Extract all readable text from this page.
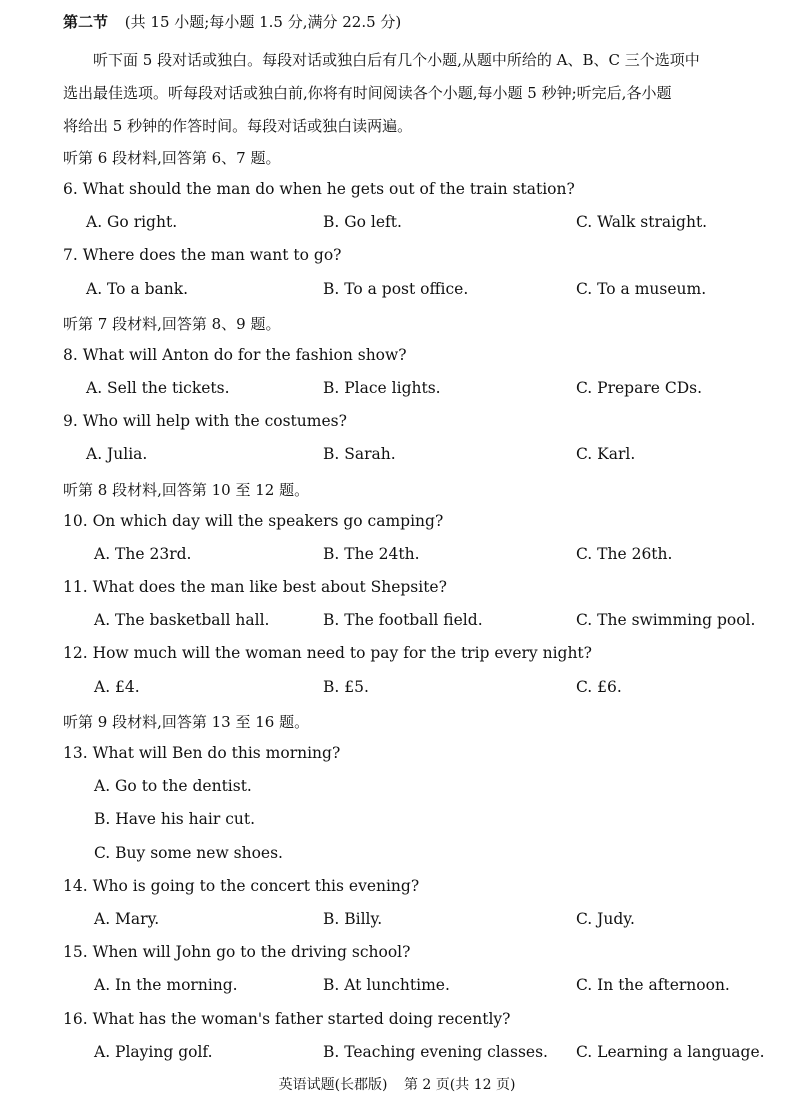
第二节 (共 15 小题;每小题 1.5 分,满分 22.5 分)
听下面 5 段对话或独白。每段对话或独白后有几个小题,从题中所给的 A、B、C 三个选项中
选出最佳选项。听每段对话或独白前,你将有时间阅读各个小题,每小题 5 秒钟;听完后,各小题
将给出 5 秒钟的作答时间。每段对话或独白读两遍。
听第 6 段材料,回答第 6、7 题。
6. What should the man do when he gets out of the train station?
A. Go right.	B. Go left.	C. Walk straight.
7. Where does the man want to go?
A. To a bank.	B. To a post office.	C. To a museum.
听第 7 段材料,回答第 8、9 题。
8. What will Anton do for the fashion show?
A. Sell the tickets.	B. Place lights.	C. Prepare CDs.
9. Who will help with the costumes?
A. Julia.	B. Sarah.	C. Karl.
听第 8 段材料,回答第 10 至 12 题。
10. On which day will the speakers go camping?
A. The 23rd.	B. The 24th.	C. The 26th.
11. What does the man like best about Shepsite?
A. The basketball hall.	B. The football field.	C. The swimming pool.
12. How much will the woman need to pay for the trip every night?
A. £4.	B. £5.	C. £6.
听第 9 段材料,回答第 13 至 16 题。
13. What will Ben do this morning?
A. Go to the dentist.
B. Have his hair cut.
C. Buy some new shoes.
14. Who is going to the concert this evening?
A. Mary.	B. Billy.	C. Judy.
15. When will John go to the driving school?
A. In the morning.	B. At lunchtime.	C. In the afternoon.
16. What has the woman's father started doing recently?
A. Playing golf.	B. Teaching evening classes. C. Learning a language.
英语试题(长郡版) 第 2 页(共 12 页)
